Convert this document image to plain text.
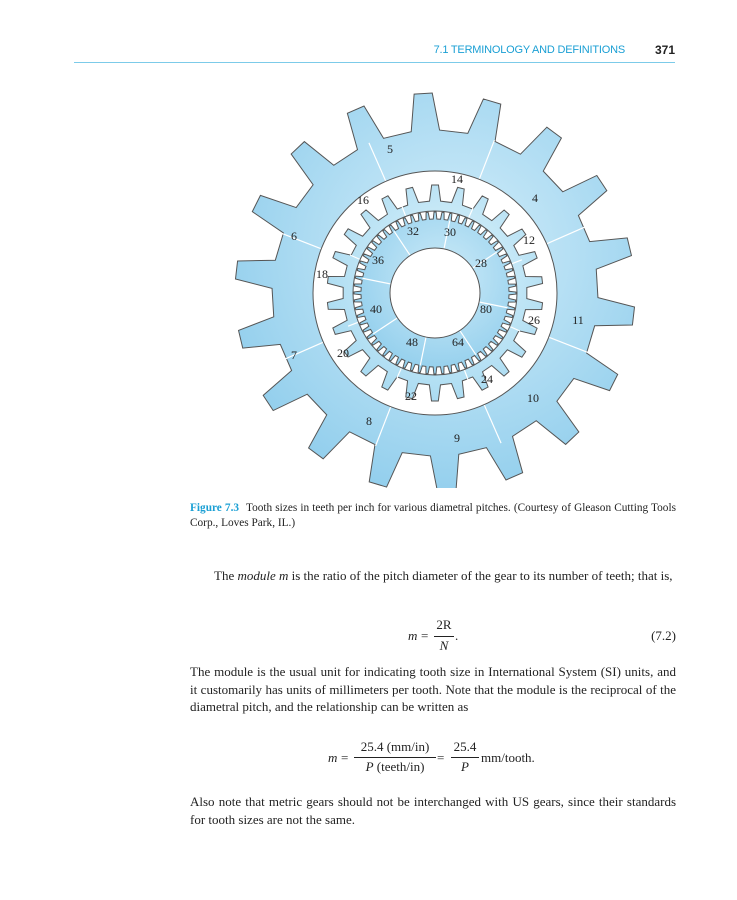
7.1 TERMINOLOGY AND DEFINITIONS 371
5
4
6
11
7
10
8
9
14
16
12
18
26
20
24
22
32 30
36	28
40	80
48	64
Figure 7.3 Tooth sizes in teeth per inch for various diametral pitches. (Courtesy of Gleason Cutting Tools Corp., Loves Park, IL.)
The module m is the ratio of the pitch diameter of the gear to its number of teeth; that is,
m =
2R
N
.	(7.2)
The module is the usual unit for indicating tooth size in International System (SI) units, and it customarily has units of millimeters per tooth. Note that the module is the reciprocal of the diametral pitch, and the relationship can be written as
m =
25.4 (mm/in)
P (teeth/in)
=
25.4
P
mm/tooth.
Also note that metric gears should not be interchanged with US gears, since their standards for tooth sizes are not the same.
